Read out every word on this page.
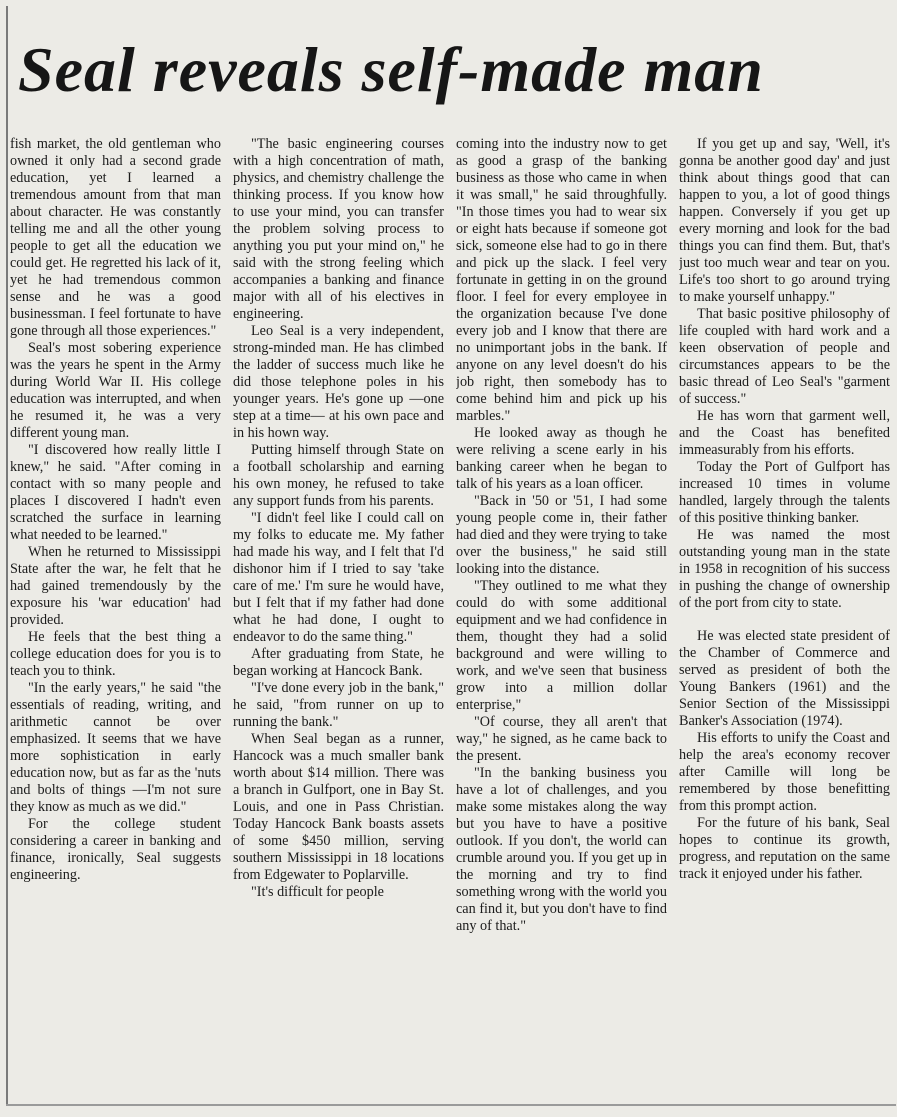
Seal reveals self-made man

fish market, the old gentleman who owned it only had a second grade education, yet I learned a tremendous amount from that man about character. He was constantly telling me and all the other young people to get all the education we could get. He regretted his lack of it, yet he had tremendous common sense and he was a good businessman. I feel fortunate to have gone through all those experiences."

Seal's most sobering experience was the years he spent in the Army during World War II. His college education was interrupted, and when he resumed it, he was a very different young man.

"I discovered how really little I knew," he said. "After coming in contact with so many people and places I discovered I hadn't even scratched the surface in learning what needed to be learned."

When he returned to Mississippi State after the war, he felt that he had gained tremendously by the exposure his 'war education' had provided.

He feels that the best thing a college education does for you is to teach you to think.

"In the early years," he said "the essentials of reading, writing, and arithmetic cannot be over emphasized. It seems that we have more sophistication in early education now, but as far as the 'nuts and bolts of things —I'm not sure they know as much as we did."

For the college student considering a career in banking and finance, ironically, Seal suggests engineering.

"The basic engineering courses with a high concentration of math, physics, and chemistry challenge the thinking process. If you know how to use your mind, you can transfer the problem solving process to anything you put your mind on," he said with the strong feeling which accompanies a banking and finance major with all of his electives in engineering.

Leo Seal is a very independent, strong-minded man. He has climbed the ladder of success much like he did those telephone poles in his younger years. He's gone up —one step at a time— at his own pace and in his hown way.

Putting himself through State on a football scholarship and earning his own money, he refused to take any support funds from his parents.

"I didn't feel like I could call on my folks to educate me. My father had made his way, and I felt that I'd dishonor him if I tried to say 'take care of me.' I'm sure he would have, but I felt that if my father had done what he had done, I ought to endeavor to do the same thing."

After graduating from State, he began working at Hancock Bank.

"I've done every job in the bank," he said, "from runner on up to running the bank."

When Seal began as a runner, Hancock was a much smaller bank worth about $14 million. There was a branch in Gulfport, one in Bay St. Louis, and one in Pass Christian. Today Hancock Bank boasts assets of some $450 million, serving southern Mississippi in 18 locations from Edgewater to Poplarville.

"It's difficult for people

coming into the industry now to get as good a grasp of the banking business as those who came in when it was small," he said throughfully. "In those times you had to wear six or eight hats because if someone got sick, someone else had to go in there and pick up the slack. I feel very fortunate in getting in on the ground floor. I feel for every employee in the organization because I've done every job and I know that there are no unimportant jobs in the bank. If anyone on any level doesn't do his job right, then somebody has to come behind him and pick up his marbles."

He looked away as though he were reliving a scene early in his banking career when he began to talk of his years as a loan officer.

"Back in '50 or '51, I had some young people come in, their father had died and they were trying to take over the business," he said still looking into the distance.

"They outlined to me what they could do with some additional equipment and we had confidence in them, thought they had a solid background and were willing to work, and we've seen that business grow into a million dollar enterprise,"

"Of course, they all aren't that way," he signed, as he came back to the present.

"In the banking business you have a lot of challenges, and you make some mistakes along the way but you have to have a positive outlook. If you don't, the world can crumble around you. If you get up in the morning and try to find something wrong with the world you can find it, but you don't have to find any of that."

If you get up and say, 'Well, it's gonna be another good day' and just think about things good that can happen to you, a lot of good things happen. Conversely if you get up every morning and look for the bad things you can find them. But, that's just too much wear and tear on you. Life's too short to go around trying to make yourself unhappy."

That basic positive philosophy of life coupled with hard work and a keen observation of people and circumstances appears to be the basic thread of Leo Seal's "garment of success."

He has worn that garment well, and the Coast has benefited immeasurably from his efforts.

Today the Port of Gulfport has increased 10 times in volume handled, largely through the talents of this positive thinking banker.

He was named the most outstanding young man in the state in 1958 in recognition of his success in pushing the change of ownership of the port from city to state.

He was elected state president of the Chamber of Commerce and served as president of both the Young Bankers (1961) and the Senior Section of the Mississippi Banker's Association (1974).

His efforts to unify the Coast and help the area's economy recover after Camille will long be remembered by those benefitting from this prompt action.

For the future of his bank, Seal hopes to continue its growth, progress, and reputation on the same track it enjoyed under his father.
